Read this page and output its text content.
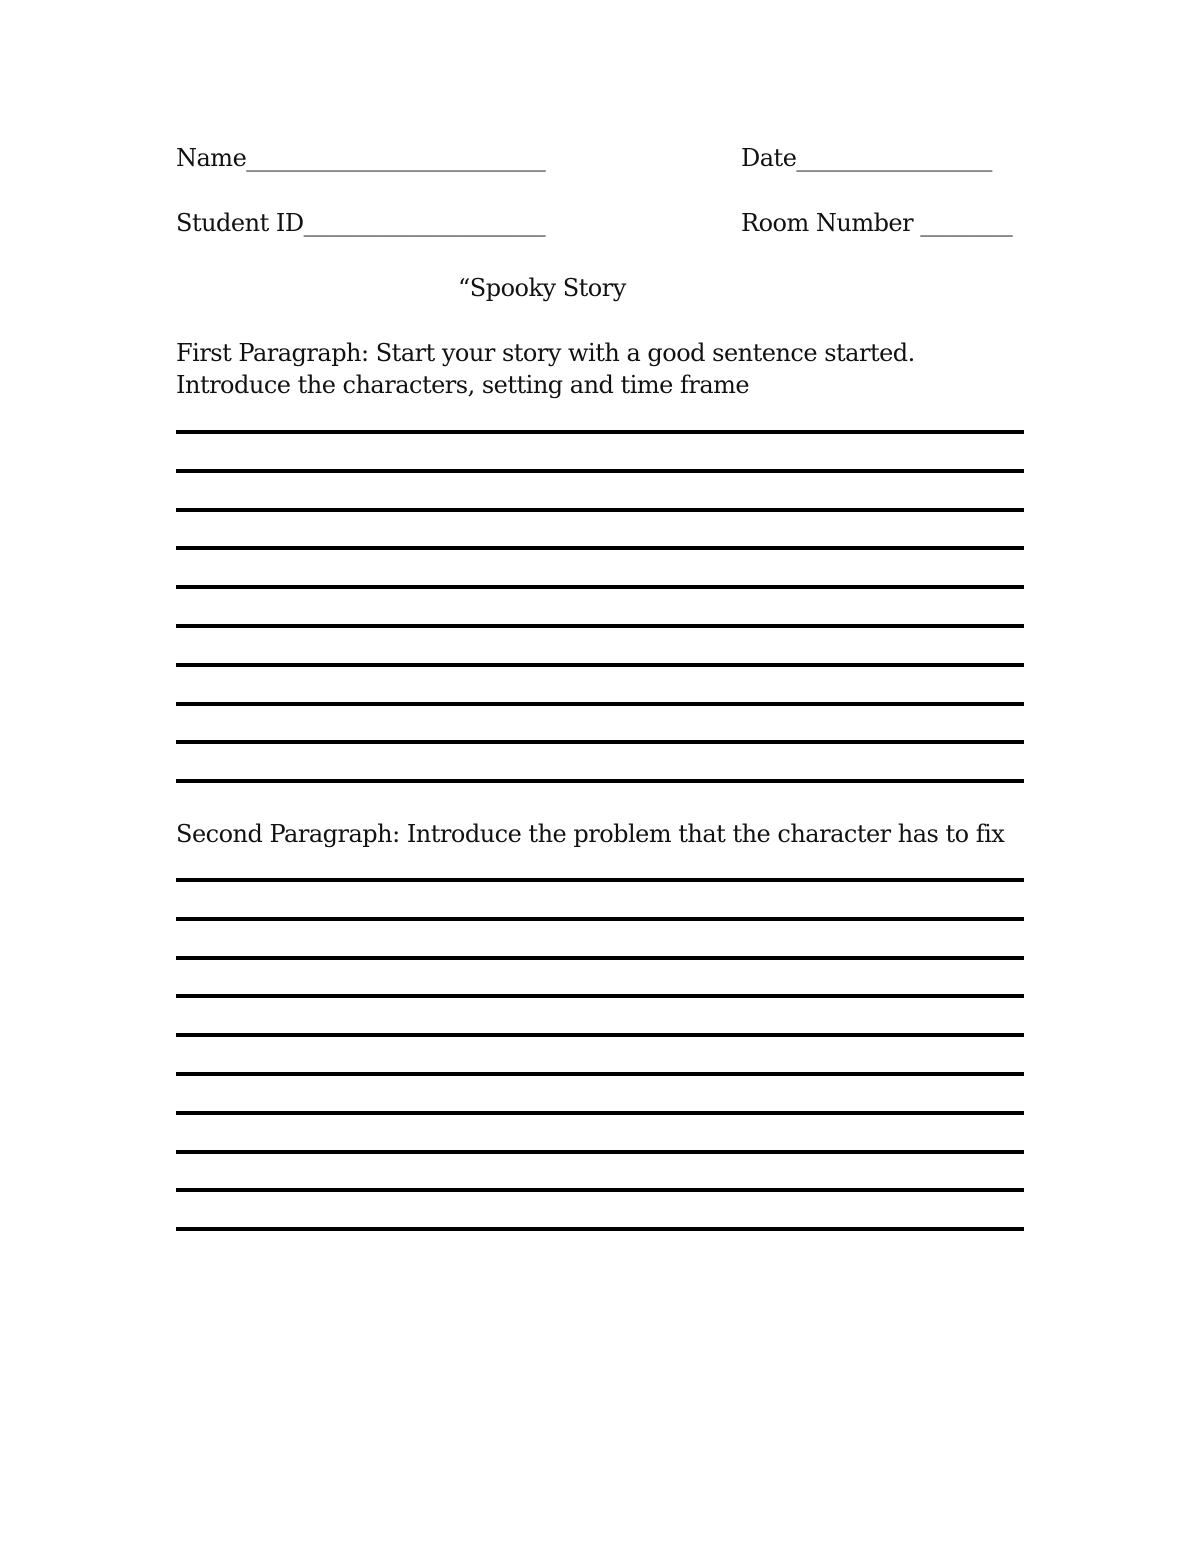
Name__________________________	Date_________________
Student ID_____________________	Room Number ________
“Spooky Story
First Paragraph: Start your story with a good sentence started.
Introduce the characters, setting and time frame
Second Paragraph: Introduce the problem that the character has to fix
